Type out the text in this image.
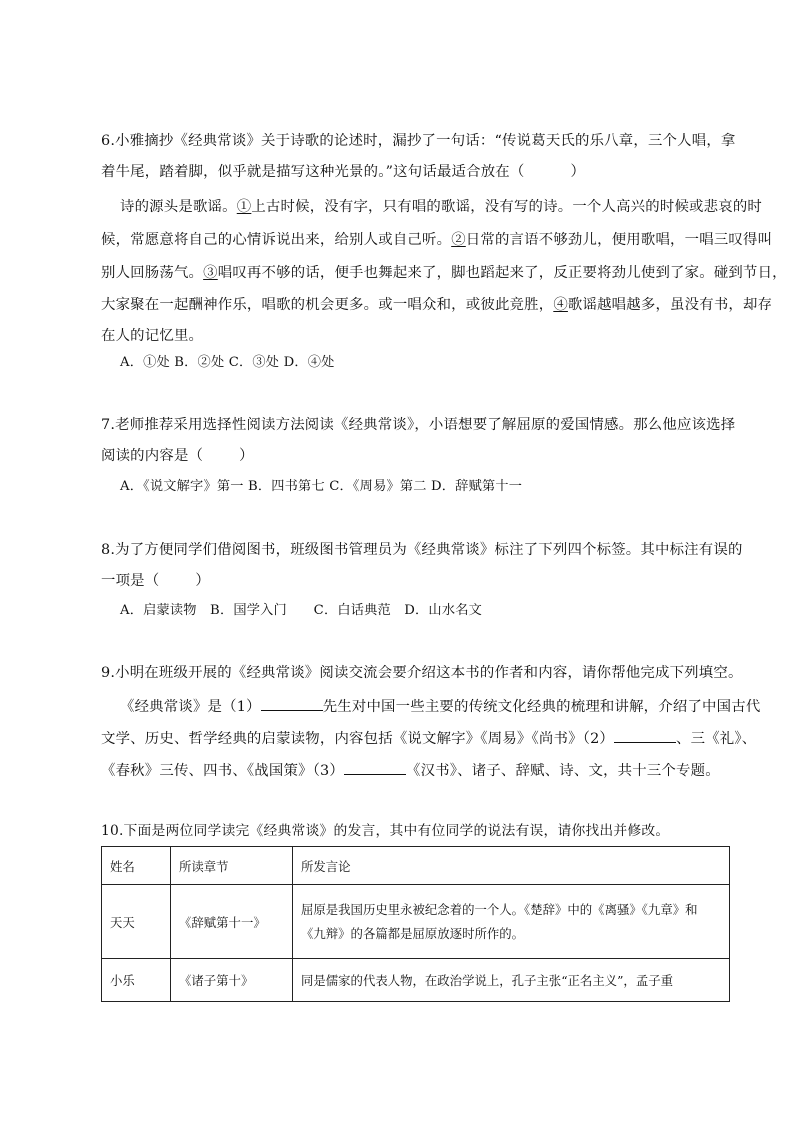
6.小雅摘抄《经典常谈》关于诗歌的论述时，漏抄了一句话：“传说葛天氏的乐八章，三个人唱，拿
着牛尾，踏着脚，似乎就是描写这种光景的。”这句话最适合放在（	）
诗的源头是歌谣。①上古时候，没有字，只有唱的歌谣，没有写的诗。一个人高兴的时候或悲哀的时
候，常愿意将自己的心情诉说出来，给别人或自己听。②日常的言语不够劲儿，便用歌唱，一唱三叹得叫
别人回肠荡气。③唱叹再不够的话，便手也舞起来了，脚也蹈起来了，反正要将劲儿使到了家。碰到节日，
大家聚在一起酬神作乐，唱歌的机会更多。或一唱众和，或彼此竞胜，④歌谣越唱越多，虽没有书，却存
在人的记忆里。
A．①处 B．②处 C．③处 D．④处
7.老师推荐采用选择性阅读方法阅读《经典常谈》，小语想要了解屈原的爱国情感。那么他应该选择
阅读的内容是（	）
A．《说文解字》第一 B．四书第七 C．《周易》第二 D．辞赋第十一
8.为了方便同学们借阅图书，班级图书管理员为《经典常谈》标注了下列四个标签。其中标注有误的
一项是（	）
A．启蒙读物　B．国学入门　　C．白话典范　D．山水名文
9.小明在班级开展的《经典常谈》阅读交流会要介绍这本书的作者和内容，请你帮他完成下列填空。
《经典常谈》是（1）	先生对中国一些主要的传统文化经典的梳理和讲解，介绍了中国古代
文学、历史、哲学经典的启蒙读物，内容包括《说文解字》《周易》《尚书》（2）	、三《礼》、
《春秋》三传、四书、《战国策》（3）	《汉书》、诸子、辞赋、诗、文，共十三个专题。
10.下面是两位同学读完《经典常谈》的发言，其中有位同学的说法有误，请你找出并修改。
姓名	所读章节	所发言论
天天	《辞赋第十一》	屈原是我国历史里永被纪念着的一个人。《楚辞》中的《离骚》《九章》和《九辩》的各篇都是屈原放逐时所作的。
小乐	《诸子第十》	同是儒家的代表人物，在政治学说上，孔子主张“正名主义”，孟子重
